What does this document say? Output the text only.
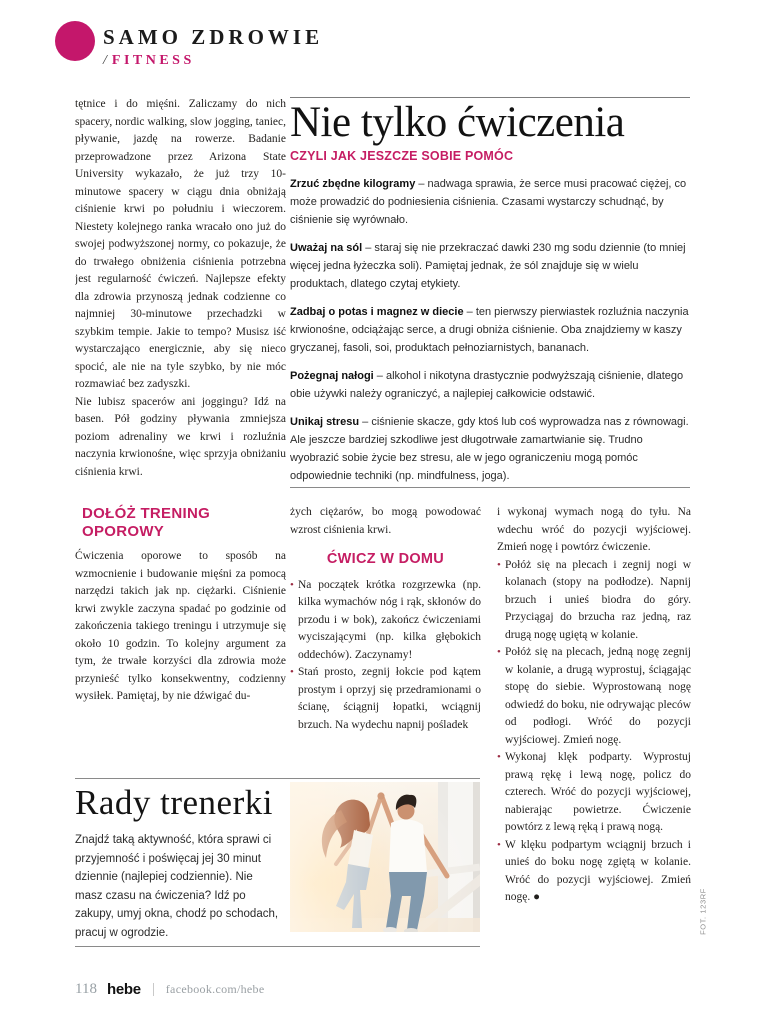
SAMO ZDROWIE
/ FITNESS

tętnice i do mięśni. Zaliczamy do nich spacery, nordic walking, slow jogging, taniec, pływanie, jazdę na rowerze. Badanie przeprowadzone przez Arizona State University wykazało, że już trzy 10-minutowe spacery w ciągu dnia obniżają ciśnienie krwi po południu i wieczorem. Niestety kolejnego ranka wracało ono już do swojej podwyższonej normy, co pokazuje, że do trwałego obniżenia ciśnienia potrzebna jest regularność ćwiczeń. Najlepsze efekty dla zdrowia przynoszą jednak codzienne co najmniej 30-minutowe przechadzki w szybkim tempie. Jakie to tempo? Musisz iść wystarczająco energicznie, aby się nieco spocić, ale nie na tyle szybko, by nie móc rozmawiać bez zadyszki.

Nie lubisz spacerów ani joggingu? Idź na basen. Pół godziny pływania zmniejsza poziom adrenaliny we krwi i rozluźnia naczynia krwionośne, więc sprzyja obniżaniu ciśnienia krwi.

DOŁÓŻ TRENING OPOROWY

Ćwiczenia oporowe to sposób na wzmocnienie i budowanie mięśni za pomocą narzędzi takich jak np. ciężarki. Ciśnienie krwi zwykle zaczyna spadać po godzinie od zakończenia takiego treningu i utrzymuje się około 10 godzin. To kolejny argument za tym, że trwałe korzyści dla zdrowia może przynieść tylko konsekwentny, codzienny wysiłek. Pamiętaj, by nie dźwigać du-

Nie tylko ćwiczenia
CZYLI JAK JESZCZE SOBIE POMÓC

Zrzuć zbędne kilogramy – nadwaga sprawia, że serce musi pracować ciężej, co może prowadzić do podniesienia ciśnienia. Czasami wystarczy schudnąć, by ciśnienie się wyrównało.

Uważaj na sól – staraj się nie przekraczać dawki 230 mg sodu dziennie (to mniej więcej jedna łyżeczka soli). Pamiętaj jednak, że sól znajduje się w wielu produktach, dlatego czytaj etykiety.

Zadbaj o potas i magnez w diecie – ten pierwszy pierwiastek rozluźnia naczynia krwionośne, odciążając serce, a drugi obniża ciśnienie. Oba znajdziemy w kaszy gryczanej, fasoli, soi, produktach pełnoziarnistych, bananach.

Pożegnaj nałogi – alkohol i nikotyna drastycznie podwyższają ciśnienie, dlatego obie używki należy ograniczyć, a najlepiej całkowicie odstawić.

Unikaj stresu – ciśnienie skacze, gdy ktoś lub coś wyprowadza nas z równowagi. Ale jeszcze bardziej szkodliwe jest długotrwałe zamartwianie się. Trudno wyobrazić sobie życie bez stresu, ale w jego ograniczeniu mogą pomóc odpowiednie techniki (np. mindfulness, joga).

żych ciężarów, bo mogą powodować wzrost ciśnienia krwi.

ĆWICZ W DOMU

• Na początek krótka rozgrzewka (np. kilka wymachów nóg i rąk, skłonów do przodu i w bok), zakończ ćwiczeniami wyciszającymi (np. kilka głębokich oddechów). Zaczynamy!

• Stań prosto, zegnij łokcie pod kątem prostym i oprzyj się przedramionami o ścianę, ściągnij łopatki, wciągnij brzuch. Na wydechu napnij pośladek

i wykonaj wymach nogą do tyłu. Na wdechu wróć do pozycji wyjściowej. Zmień nogę i powtórz ćwiczenie.

• Połóż się na plecach i zegnij nogi w kolanach (stopy na podłodze). Napnij brzuch i unieś biodra do góry. Przyciągaj do brzucha raz jedną, raz drugą nogę ugiętą w kolanie.

• Połóż się na plecach, jedną nogę zegnij w kolanie, a drugą wyprostuj, ściągając stopę do siebie. Wyprostowaną nogę odwiedź do boku, nie odrywając pleców od podłogi. Wróć do pozycji wyjściowej. Zmień nogę.

• Wykonaj klęk podparty. Wyprostuj prawą rękę i lewą nogę, policz do czterech. Wróć do pozycji wyjściowej, nabierając powietrze. Ćwiczenie powtórz z lewą ręką i prawą nogą.

• W klęku podpartym wciągnij brzuch i unieś do boku nogę zgiętą w kolanie. Wróć do pozycji wyjściowej. Zmień nogę. ●

Rady trenerki

Znajdź taką aktywność, która sprawi ci przyjemność i poświęcaj jej 30 minut dziennie (najlepiej codziennie). Nie masz czasu na ćwiczenia? Idź po zakupy, umyj okna, chodź po schodach, pracuj w ogrodzie.	FOT. 123RF
118 hebe facebook.com/hebe
